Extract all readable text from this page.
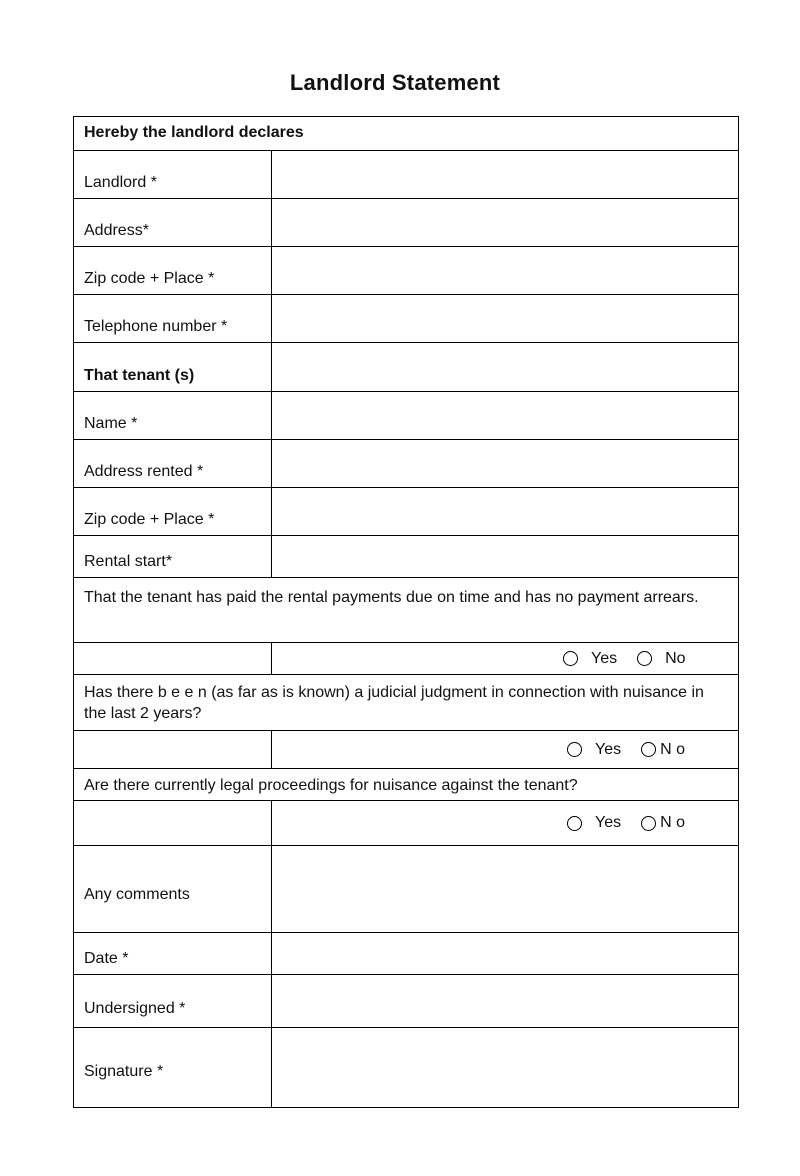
Landlord Statement
Hereby the landlord declares
Landlord *
Address*
Zip code + Place *
Telephone number *
That tenant (s)
Name *
Address rented *
Zip code + Place *
Rental start*
That the tenant has paid the rental payments due on time and has no payment arrears.
Yes	No
Has there b e e n (as far as is known) a judicial judgment in connection with nuisance in the last 2 years?
Yes N o
Are there currently legal proceedings for nuisance against the tenant?
Yes N o
Any comments
Date *
Undersigned *
Signature *
